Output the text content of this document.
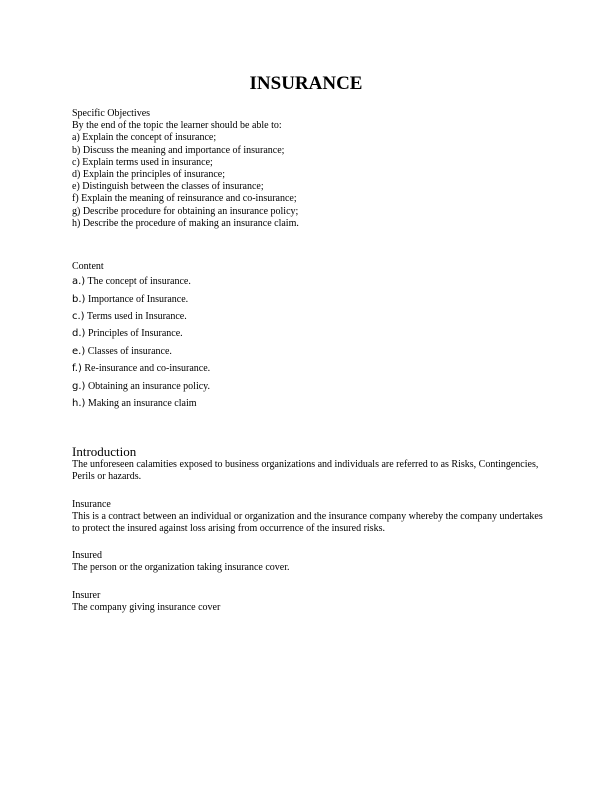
INSURANCE
Specific Objectives
By the end of the topic the learner should be able to:
a) Explain the concept of insurance;
b) Discuss the meaning and importance of insurance;
c) Explain terms used in insurance;
d) Explain the principles of insurance;
e) Distinguish between the classes of insurance;
f) Explain the meaning of reinsurance and co-insurance;
g) Describe procedure for obtaining an insurance policy;
h) Describe the procedure of making an insurance claim.
Content
a.) The concept of insurance.
b.) Importance of Insurance.
c.) Terms used in Insurance.
d.) Principles of Insurance.
e.) Classes of insurance.
f.) Re-insurance and co-insurance.
g.) Obtaining an insurance policy.
h.) Making an insurance claim
Introduction
The unforeseen calamities exposed to business organizations and individuals are referred to as Risks, Contingencies, Perils or hazards.
Insurance
This is a contract between an individual or organization and the insurance company whereby the company undertakes to protect the insured against loss arising from occurrence of the insured risks.
Insured
The person or the organization taking insurance cover.
Insurer
The company giving insurance cover
